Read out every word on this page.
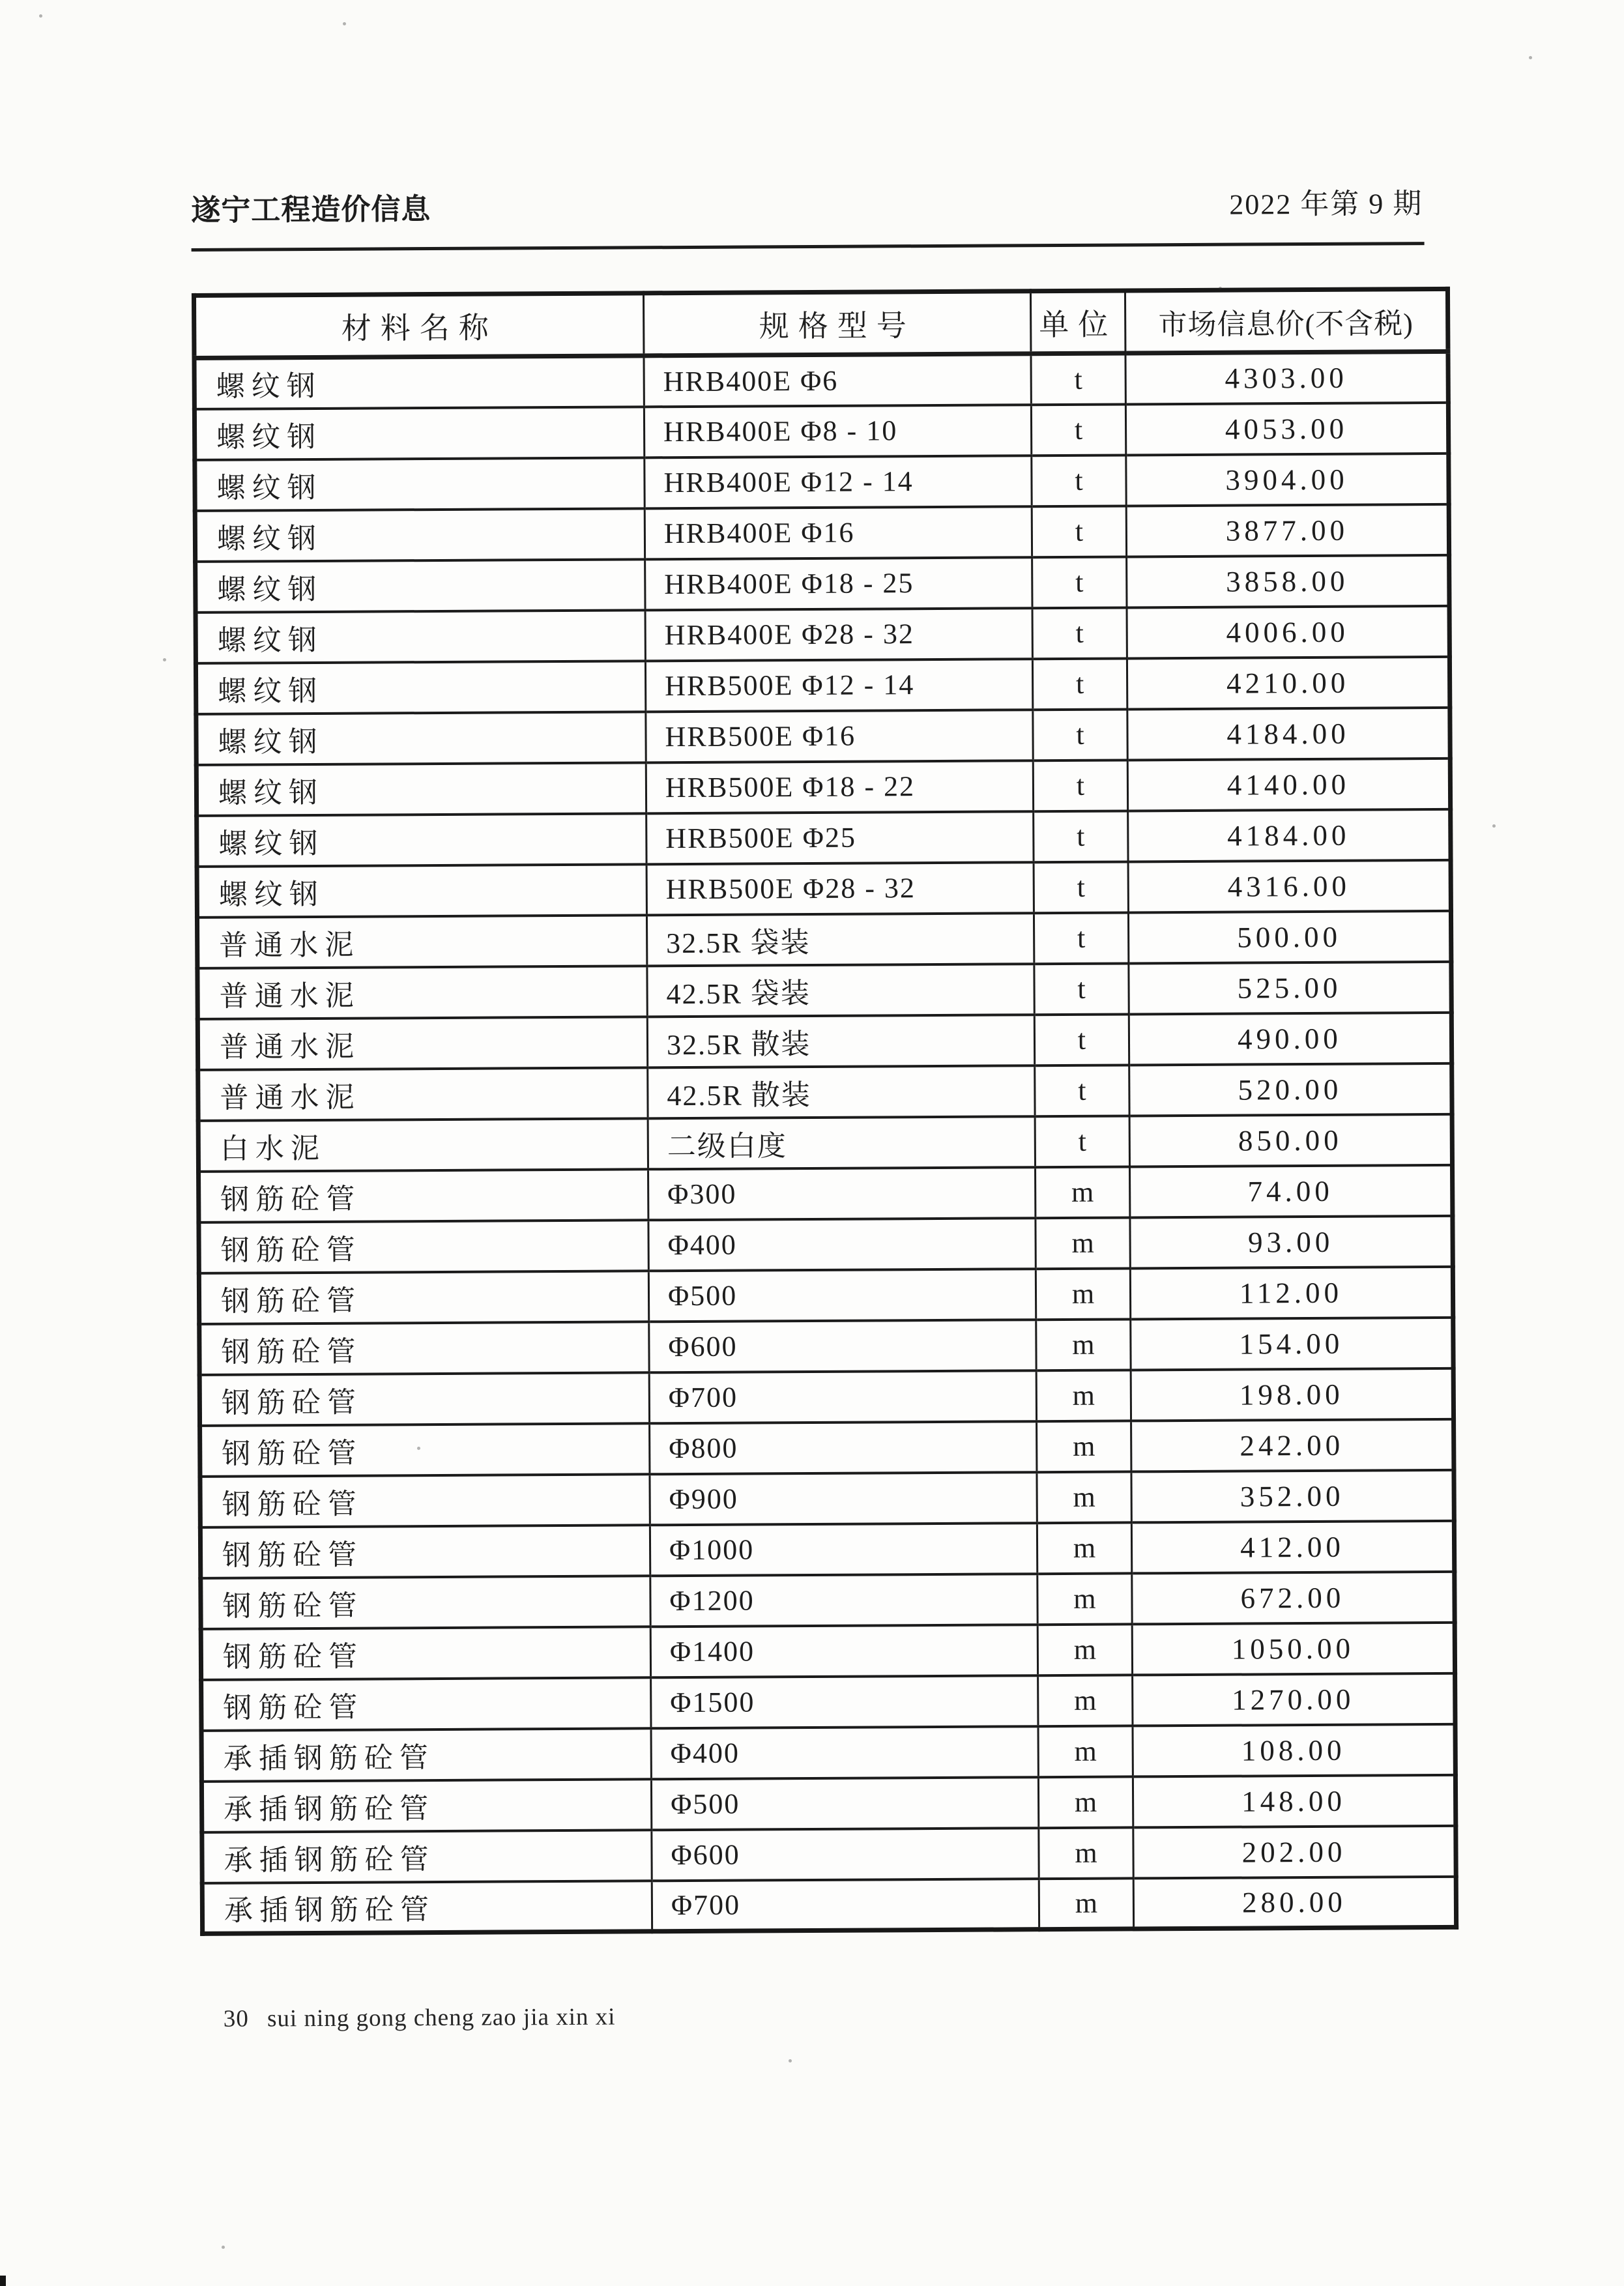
遂宁工程造价信息	2022 年第 9 期
材料名称	规格型号	单位	市场信息价(不含税)
螺纹钢	HRB400E Φ6	t	4303.00
螺纹钢	HRB400E Φ8 - 10	t	4053.00
螺纹钢	HRB400E Φ12 - 14	t	3904.00
螺纹钢	HRB400E Φ16	t	3877.00
螺纹钢	HRB400E Φ18 - 25	t	3858.00
螺纹钢	HRB400E Φ28 - 32	t	4006.00
螺纹钢	HRB500E Φ12 - 14	t	4210.00
螺纹钢	HRB500E Φ16	t	4184.00
螺纹钢	HRB500E Φ18 - 22	t	4140.00
螺纹钢	HRB500E Φ25	t	4184.00
螺纹钢	HRB500E Φ28 - 32	t	4316.00
普通水泥	32.5R 袋装	t	500.00
普通水泥	42.5R 袋装	t	525.00
普通水泥	32.5R 散装	t	490.00
普通水泥	42.5R 散装	t	520.00
白水泥	二级白度	t	850.00
钢筋砼管	Φ300	m	74.00
钢筋砼管	Φ400	m	93.00
钢筋砼管	Φ500	m	112.00
钢筋砼管	Φ600	m	154.00
钢筋砼管	Φ700	m	198.00
钢筋砼管	Φ800	m	242.00
钢筋砼管	Φ900	m	352.00
钢筋砼管	Φ1000	m	412.00
钢筋砼管	Φ1200	m	672.00
钢筋砼管	Φ1400	m	1050.00
钢筋砼管	Φ1500	m	1270.00
承插钢筋砼管	Φ400	m	108.00
承插钢筋砼管	Φ500	m	148.00
承插钢筋砼管	Φ600	m	202.00
承插钢筋砼管	Φ700	m	280.00
30 sui ning gong cheng zao jia xin xi
